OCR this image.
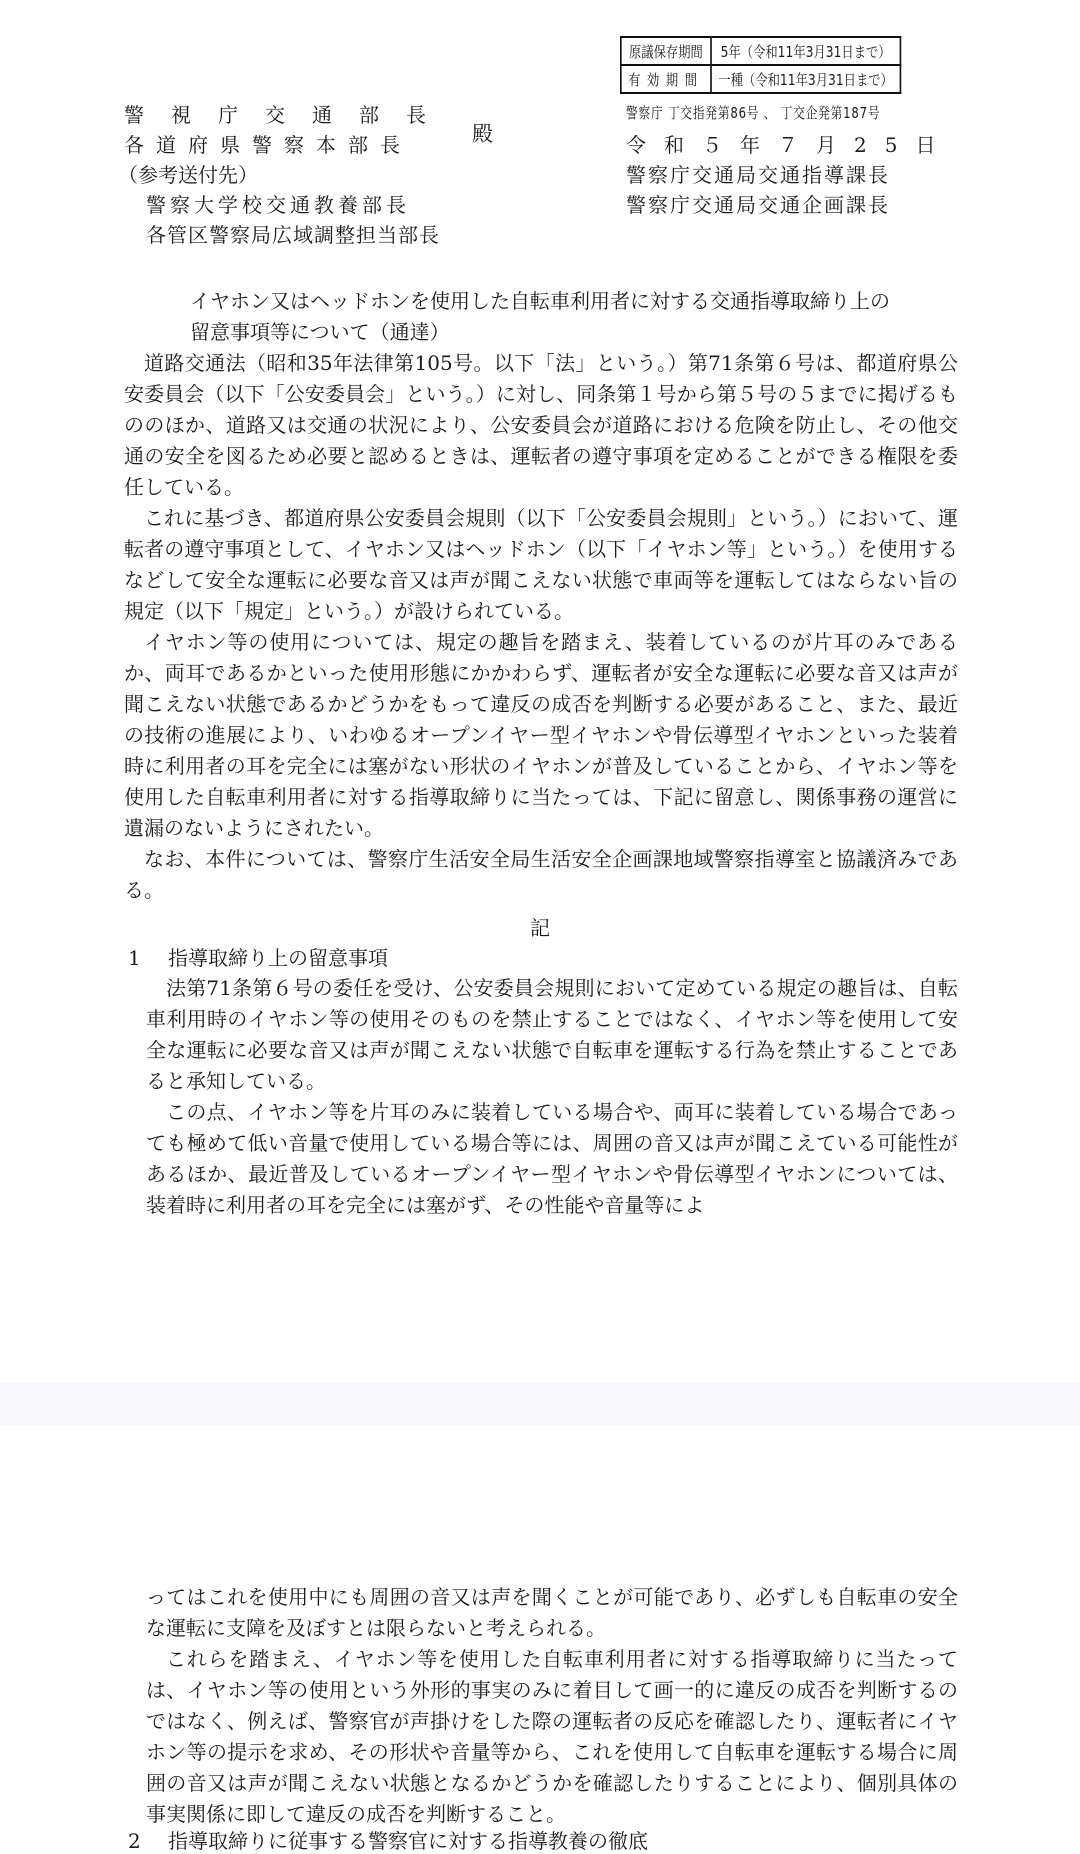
原議保存期間	5年（令和11年3月31日まで）
有効期間	一種（令和11年3月31日まで）
警視庁交通部長
各道府県警察本部長
（参考送付先）
警察大学校交通教養部長
各管区警察局広域調整担当部長
殿
警察庁 丁交指発第86号 、 丁交企発第187号
令和５年７月25日
警察庁交通局交通指導課長
警察庁交通局交通企画課長
イヤホン又はヘッドホンを使用した自転車利用者に対する交通指導取締り上の
留意事項等について（通達）
道路交通法（昭和35年法律第105号。以下「法」という。）第71条第６号は、都道府県公安委員会（以下「公安委員会」という。）に対し、同条第１号から第５号の５までに掲げるもののほか、道路又は交通の状況により、公安委員会が道路における危険を防止し、その他交通の安全を図るため必要と認めるときは、運転者の遵守事項を定めることができる権限を委任している。
これに基づき、都道府県公安委員会規則（以下「公安委員会規則」という。）において、運転者の遵守事項として、イヤホン又はヘッドホン（以下「イヤホン等」という。）を使用するなどして安全な運転に必要な音又は声が聞こえない状態で車両等を運転してはならない旨の規定（以下「規定」という。）が設けられている。
イヤホン等の使用については、規定の趣旨を踏まえ、装着しているのが片耳のみであるか、両耳であるかといった使用形態にかかわらず、運転者が安全な運転に必要な音又は声が聞こえない状態であるかどうかをもって違反の成否を判断する必要があること、また、最近の技術の進展により、いわゆるオープンイヤー型イヤホンや骨伝導型イヤホンといった装着時に利用者の耳を完全には塞がない形状のイヤホンが普及していることから、イヤホン等を使用した自転車利用者に対する指導取締りに当たっては、下記に留意し、関係事務の運営に遺漏のないようにされたい。
なお、本件については、警察庁生活安全局生活安全企画課地域警察指導室と協議済みである。
記
1 指導取締り上の留意事項
法第71条第６号の委任を受け、公安委員会規則において定めている規定の趣旨は、自転車利用時のイヤホン等の使用そのものを禁止することではなく、イヤホン等を使用して安全な運転に必要な音又は声が聞こえない状態で自転車を運転する行為を禁止することであると承知している。
この点、イヤホン等を片耳のみに装着している場合や、両耳に装着している場合であっても極めて低い音量で使用している場合等には、周囲の音又は声が聞こえている可能性があるほか、最近普及しているオープンイヤー型イヤホンや骨伝導型イヤホンについては、装着時に利用者の耳を完全には塞がず、その性能や音量等によ
ってはこれを使用中にも周囲の音又は声を聞くことが可能であり、必ずしも自転車の安全な運転に支障を及ぼすとは限らないと考えられる。
これらを踏まえ、イヤホン等を使用した自転車利用者に対する指導取締りに当たっては、イヤホン等の使用という外形的事実のみに着目して画一的に違反の成否を判断するのではなく、例えば、警察官が声掛けをした際の運転者の反応を確認したり、運転者にイヤホン等の提示を求め、その形状や音量等から、これを使用して自転車を運転する場合に周囲の音又は声が聞こえない状態となるかどうかを確認したりすることにより、個別具体の事実関係に即して違反の成否を判断すること。
2 指導取締りに従事する警察官に対する指導教養の徹底
